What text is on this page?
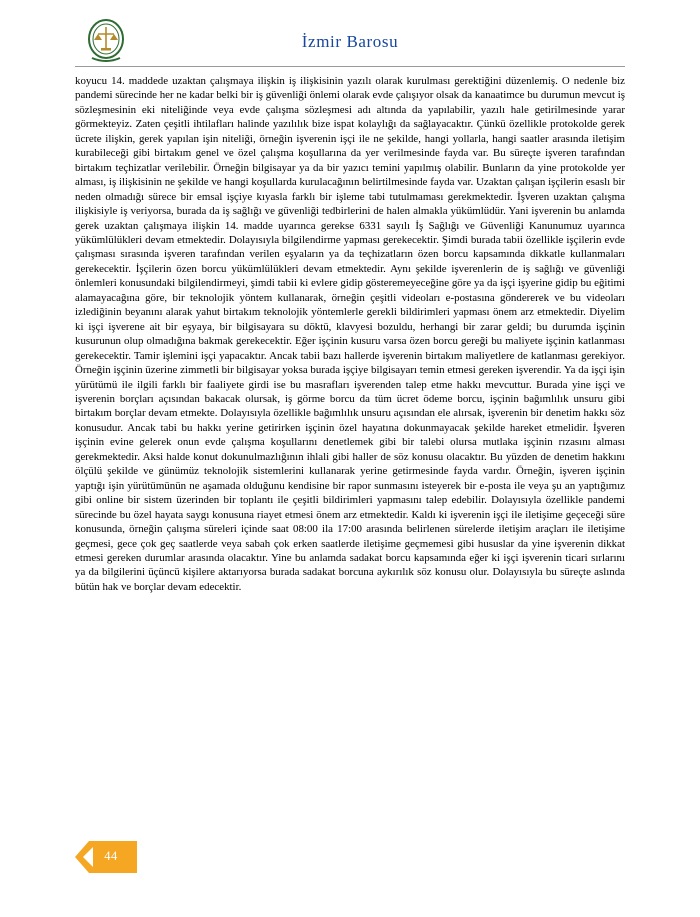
İzmir Barosu

koyucu 14. maddede uzaktan çalışmaya ilişkin iş ilişkisinin yazılı olarak kurulması gerektiğini düzenlemiş. O nedenle biz pandemi sürecinde her ne kadar belki bir iş güvenliği önlemi olarak evde çalışıyor olsak da kanaatimce bu durumun mevcut iş sözleşmesinin eki niteliğinde veya evde çalışma sözleşmesi adı altında da yapılabilir, yazılı hale getirilmesinde yarar görmekteyiz. Zaten çeşitli ihtilafları halinde yazılılık bize ispat kolaylığı da sağlayacaktır. Çünkü özellikle protokolde gerek ücrete ilişkin, gerek yapılan işin niteliği, örneğin işverenin işçi ile ne şekilde, hangi yollarla, hangi saatler arasında iletişim kurabileceği gibi birtakım genel ve özel çalışma koşullarına da yer verilmesinde fayda var. Bu süreçte işveren tarafından birtakım teçhizatlar verilebilir. Örneğin bilgisayar ya da bir yazıcı temini yapılmış olabilir. Bunların da yine protokolde yer alması, iş ilişkisinin ne şekilde ve hangi koşullarda kurulacağının belirtilmesinde fayda var. Uzaktan çalışan işçilerin esaslı bir neden olmadığı sürece bir emsal işçiye kıyasla farklı bir işleme tabi tutulmaması gerekmektedir. İşveren uzaktan çalışma ilişkisiyle iş veriyorsa, burada da iş sağlığı ve güvenliği tedbirlerini de halen almakla yükümlüdür. Yani işverenin bu anlamda gerek uzaktan çalışmaya ilişkin 14. madde uyarınca gerekse 6331 sayılı İş Sağlığı ve Güvenliği Kanunumuz uyarınca yükümlülükleri devam etmektedir. Dolayısıyla bilgilendirme yapması gerekecektir. Şimdi burada tabii özellikle işçilerin evde çalışması sırasında işveren tarafından verilen eşyaların ya da teçhizatların özen borcu kapsamında dikkatle kullanmaları gerekecektir. İşçilerin özen borcu yükümlülükleri devam etmektedir. Aynı şekilde işverenlerin de iş sağlığı ve güvenliği önlemleri konusundaki bilgilendirmeyi, şimdi tabii ki evlere gidip gösteremeyeceğine göre ya da işçi işyerine gidip bu eğitimi alamayacağına göre, bir teknolojik yöntem kullanarak, örneğin çeşitli videoları e-postasına göndererek ve bu videoları izlediğinin beyanını alarak yahut birtakım teknolojik yöntemlerle gerekli bildirimleri yapması önem arz etmektedir. Diyelim ki işçi işverene ait bir eşyaya, bir bilgisayara su döktü, klavyesi bozuldu, herhangi bir zarar geldi; bu durumda işçinin kusurunun olup olmadığına bakmak gerekecektir. Eğer işçinin kusuru varsa özen borcu gereği bu maliyete işçinin katlanması gerekecektir. Tamir işlemini işçi yapacaktır. Ancak tabii bazı hallerde işverenin birtakım maliyetlere de katlanması gerekiyor. Örneğin işçinin üzerine zimmetli bir bilgisayar yoksa burada işçiye bilgisayarı temin etmesi gereken işverendir. Ya da işçi işin yürütümü ile ilgili farklı bir faaliyete girdi ise bu masrafları işverenden talep etme hakkı mevcuttur. Burada yine işçi ve işverenin borçları açısından bakacak olursak, iş görme borcu da tüm ücret ödeme borcu, işçinin bağımlılık unsuru gibi birtakım borçlar devam etmekte. Dolayısıyla özellikle bağımlılık unsuru açısından ele alırsak, işverenin bir denetim hakkı söz konusudur. Ancak tabi bu hakkı yerine getirirken işçinin özel hayatına dokunmayacak şekilde hareket etmelidir. İşveren işçinin evine gelerek onun evde çalışma koşullarını denetlemek gibi bir talebi olursa mutlaka işçinin rızasını alması gerekmektedir. Aksi halde konut dokunulmazlığının ihlali gibi haller de söz konusu olacaktır. Bu yüzden de denetim hakkını ölçülü şekilde ve günümüz teknolojik sistemlerini kullanarak yerine getirmesinde fayda vardır. Örneğin, işveren işçinin yaptığı işin yürütümünün ne aşamada olduğunu kendisine bir rapor sunmasını isteyerek bir e-posta ile veya şu an yaptığımız gibi online bir sistem üzerinden bir toplantı ile çeşitli bildirimleri yapmasını talep edebilir. Dolayısıyla özellikle pandemi sürecinde bu özel hayata saygı konusuna riayet etmesi önem arz etmektedir. Kaldı ki işverenin işçi ile iletişime geçeceği süre konusunda, örneğin çalışma süreleri içinde saat 08:00 ila 17:00 arasında belirlenen sürelerde iletişim araçları ile iletişime geçmesi, gece çok geç saatlerde veya sabah çok erken saatlerde iletişime geçmemesi gibi hususlar da yine işverenin dikkat etmesi gereken durumlar arasında olacaktır. Yine bu anlamda sadakat borcu kapsamında eğer ki işçi işverenin ticari sırlarını ya da bilgilerini üçüncü kişilere aktarıyorsa burada sadakat borcuna aykırılık söz konusu olur. Dolayısıyla bu süreçte aslında bütün hak ve borçlar devam edecektir.

44
